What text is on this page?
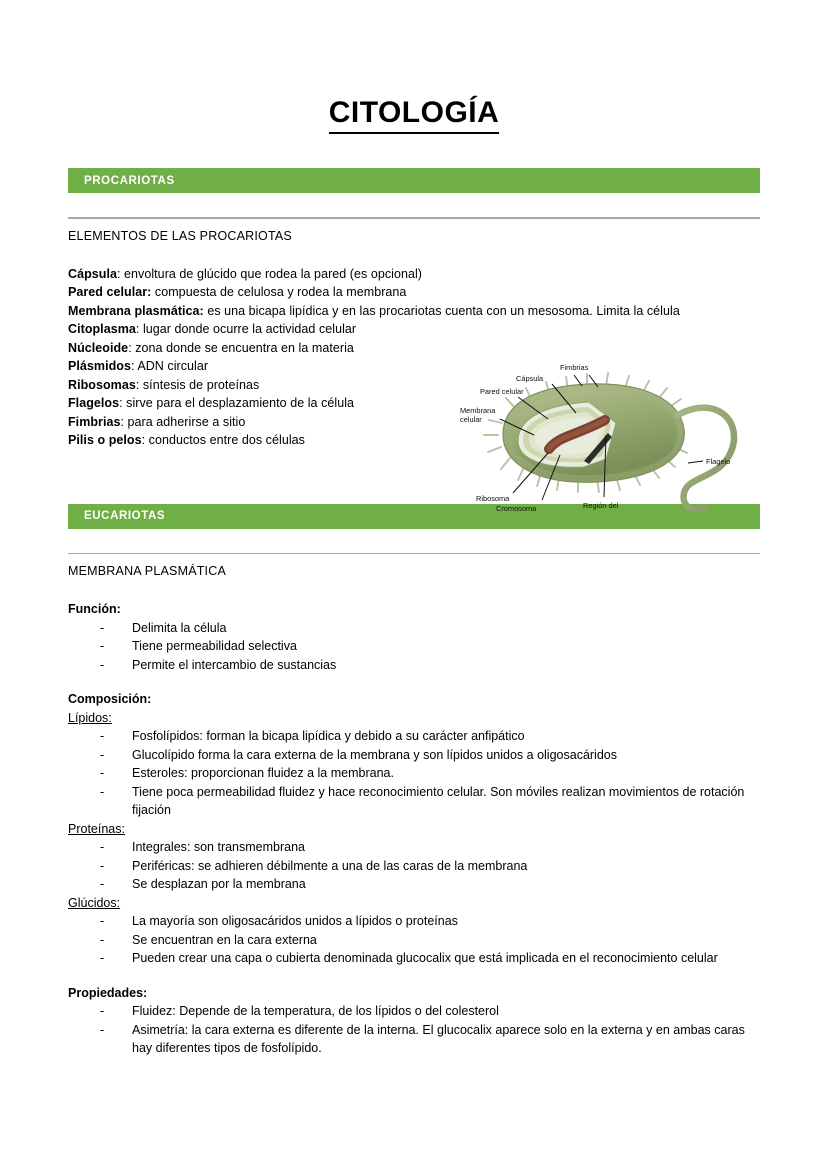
CITOLOGÍA
PROCARIOTAS
ELEMENTOS DE LAS PROCARIOTAS
Cápsula: envoltura de glúcido que rodea la pared (es opcional)
Pared celular: compuesta de celulosa y rodea la membrana
Membrana plasmática: es una bicapa lipídica y en las procariotas cuenta con un mesosoma. Limita la célula
Citoplasma: lugar donde ocurre la actividad celular
Núcleoide: zona donde se encuentra en la materia
Plásmidos: ADN circular
Ribosomas: síntesis de proteínas
Flagelos: sirve para el desplazamiento de la célula
Fimbrias: para adherirse a sitio
Pilis o pelos: conductos entre dos células
Fimbrias
Cápsula
Pared celular
Membrana
celular
Ribosoma
Cromosoma	Región del
Flagelo
EUCARIOTAS
MEMBRANA PLASMÁTICA
Función:
- Delimita la célula
- Tiene permeabilidad selectiva
- Permite el intercambio de sustancias
Composición:
Lípidos:
- Fosfolípidos: forman la bicapa lipídica y debido a su carácter anfipático
- Glucolípido forma la cara externa de la membrana y son lípidos unidos a oligosacáridos
- Esteroles: proporcionan fluidez a la membrana.
- Tiene poca permeabilidad fluidez y hace reconocimiento celular. Son móviles realizan movimientos de rotación fijación
Proteínas:
- Integrales: son transmembrana
- Periféricas: se adhieren débilmente a una de las caras de la membrana
- Se desplazan por la membrana
Glúcidos:
- La mayoría son oligosacáridos unidos a lípidos o proteínas
- Se encuentran en la cara externa
- Pueden crear una capa o cubierta denominada glucocalix que está implicada en el reconocimiento celular
Propiedades:
- Fluidez: Depende de la temperatura, de los lípidos o del colesterol
- Asimetría: la cara externa es diferente de la interna. El glucocalix aparece solo en la externa y en ambas caras hay diferentes tipos de fosfolípido.
